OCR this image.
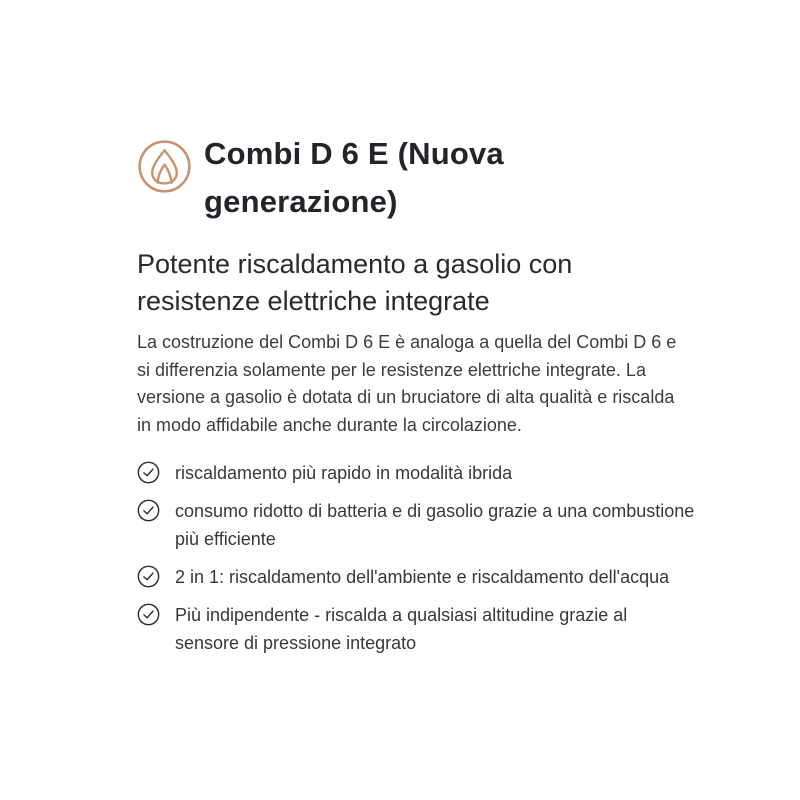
Combi D 6 E (Nuova generazione)
Potente riscaldamento a gasolio con resistenze elettriche integrate

La costruzione del Combi D 6 E è analoga a quella del Combi D 6 e si differenzia solamente per le resistenze elettriche integrate. La versione a gasolio è dotata di un bruciatore di alta qualità e riscalda in modo affidabile anche durante la circolazione.

riscaldamento più rapido in modalità ibrida
consumo ridotto di batteria e di gasolio grazie a una combustione più efficiente
2 in 1: riscaldamento dell'ambiente e riscaldamento dell'acqua
Più indipendente - riscalda a qualsiasi altitudine grazie al sensore di pressione integrato
